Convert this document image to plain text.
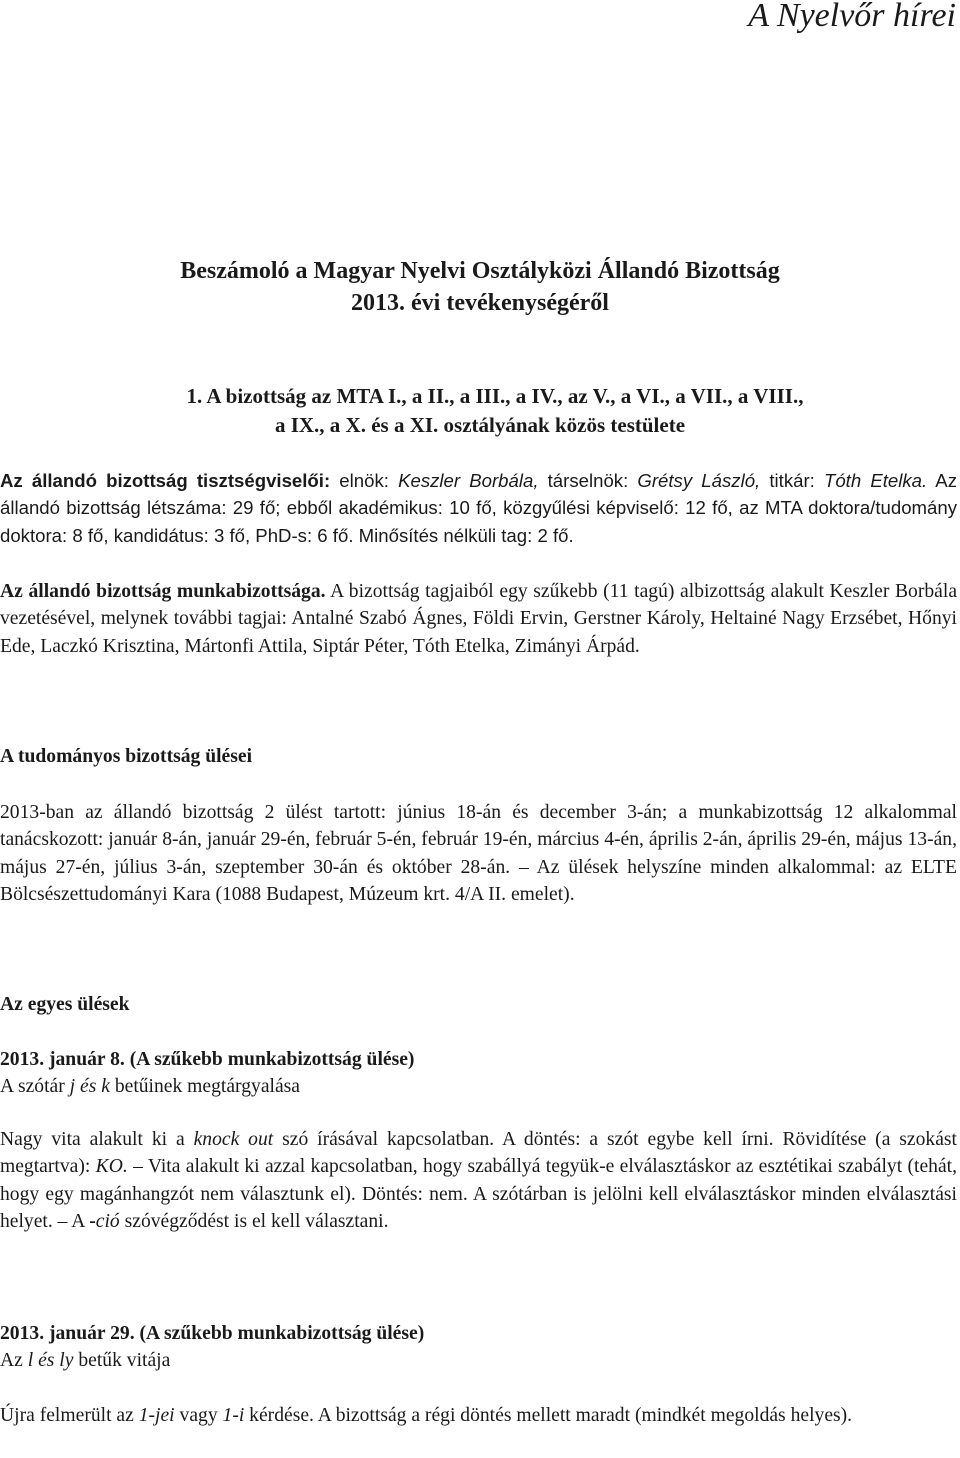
A Nyelvőr hírei
Beszámoló a Magyar Nyelvi Osztályközi Állandó Bizottság
2013. évi tevékenységéről
1. A bizottság az MTA I., a II., a III., a IV., az V., a VI., a VII., a VIII.,
a IX., a X. és a XI. osztályának közös testülete

Az állandó bizottság tisztségviselői: elnök: Keszler Borbála, társelnök: Grétsy László, titkár: Tóth Etelka. Az állandó bizottság létszáma: 29 fő; ebből akadémikus: 10 fő, közgyűlési képviselő: 12 fő, az MTA doktora/tudomány doktora: 8 fő, kandidátus: 3 fő, PhD-s: 6 fő. Minősítés nélküli tag: 2 fő.

Az állandó bizottság munkabizottsága. A bizottság tagjaiból egy szűkebb (11 tagú) albizottság alakult Keszler Borbála vezetésével, melynek további tagjai: Antalné Szabó Ágnes, Földi Ervin, Gerstner Károly, Heltainé Nagy Erzsébet, Hőnyi Ede, Laczkó Krisztina, Mártonfi Attila, Siptár Péter, Tóth Etelka, Zimányi Árpád.

A tudományos bizottság ülései

2013-ban az állandó bizottság 2 ülést tartott: június 18-án és december 3-án; a munkabizottság 12 alkalommal tanácskozott: január 8-án, január 29-én, február 5-én, február 19-én, március 4-én, április 2-án, április 29-én, május 13-án, május 27-én, július 3-án, szeptember 30-án és október 28-án. – Az ülések helyszíne minden alkalommal: az ELTE Bölcsészettudományi Kara (1088 Budapest, Múzeum krt. 4/A II. emelet).

Az egyes ülések
2013. január 8. (A szűkebb munkabizottság ülése)
A szótár j és k betűinek megtárgyalása

Nagy vita alakult ki a knock out szó írásával kapcsolatban. A döntés: a szót egybe kell írni. Rövidítése (a szokást megtartva): KO. – Vita alakult ki azzal kapcsolatban, hogy szabállyá tegyük-e elválasztáskor az esztétikai szabályt (tehát, hogy egy magánhangzót nem választunk el). Döntés: nem. A szótárban is jelölni kell elválasztáskor minden elválasztási helyet. – A -ció szóvégződést is el kell választani.

2013. január 29. (A szűkebb munkabizottság ülése)
Az l és ly betűk vitája

Újra felmerült az 1-jei vagy 1-i kérdése. A bizottság a régi döntés mellett maradt (mindkét megoldás helyes).
